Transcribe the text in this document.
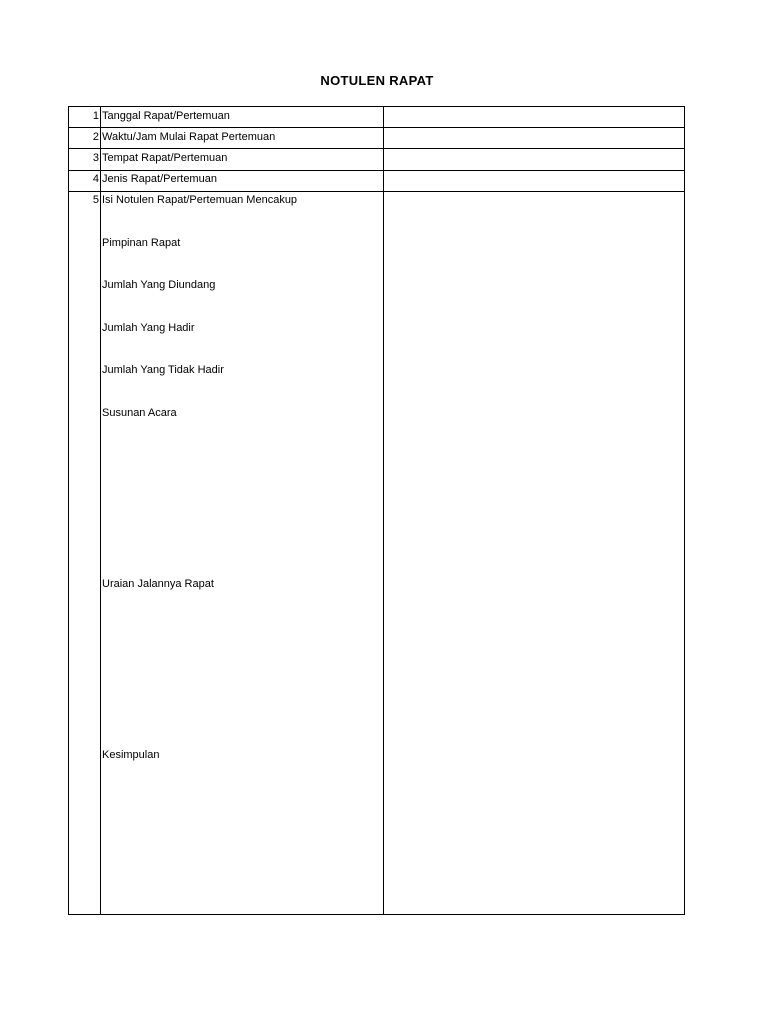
NOTULEN RAPAT
1 Tanggal Rapat/Pertemuan
2 Waktu/Jam Mulai Rapat Pertemuan
3 Tempat Rapat/Pertemuan
4 Jenis Rapat/Pertemuan
5 Isi Notulen Rapat/Pertemuan Mencakup
Pimpinan Rapat
Jumlah Yang Diundang
Jumlah Yang Hadir
Jumlah Yang Tidak Hadir
Susunan Acara
Uraian Jalannya Rapat
Kesimpulan
